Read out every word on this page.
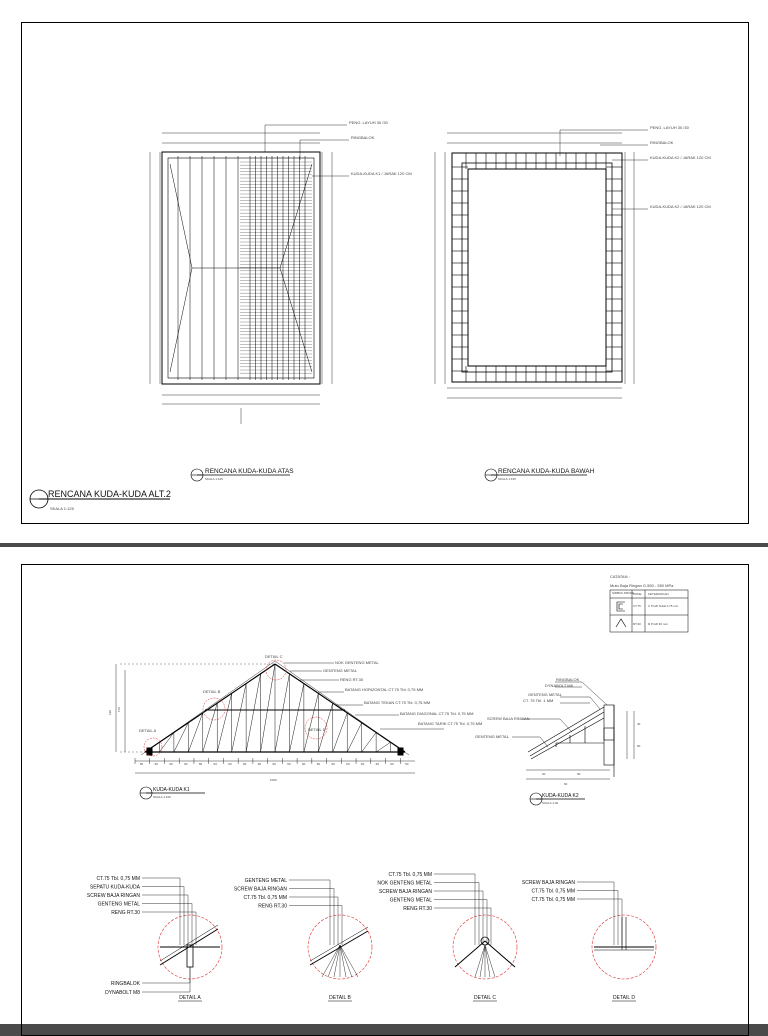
PENG. LAYUH 30 /30
RINGBALOK
KUDA-KUDA K1 / JARAK 120 CM
PENG. LAYUH 30 /30
RINGBALOK
KUDA-KUDA K2 / JARAK 120 CM
KUDA-KUDA K2 / JARAK 120 CM
RENCANA KUDA-KUDA ATAS
SKALA 1:125
RENCANA KUDA-KUDA BAWAH
SKALA 1:125
RENCANA KUDA-KUDA ALT.2
SKALA 1:125
CATATAN :
Mutu Baja Ringan G.550 - 550 MPa
SIMBOL PROFIL
KODE KETERANGAN
CT.75 C Profil Tebal 0,75 mm
RT.30 R Profil 30 mm
50	60	60	60	60	60	60	60	60	60	60	60	60	60	60	60	60	60	50
DETAIL C
DETAIL B
DETAIL A	DETAIL D
NOK GENTENG METAL
GENTENG METAL
RENG RT.30
BATANG HORIZONTAL CT.75 Tbl. 0,75 MM
BATANG TEKAN CT.75 Tbl. 0,75 MM
BATANG DIAGONAL CT.75 Tbl. 0,75 MM
BATANG TARIK CT.75 Tbl. 0,75 MM
190
170
1000
KUDA-KUDA K1
SKALA 1:100
RINGBALOK
DYNABOLT M8
GENTENG METAL
CT. 75 Tbl. 1 MM
SCREW BAJA RINGAN
GENTENG METAL
20	60
60
40
60
KUDA-KUDA K2
SKALA 1:40
CT.75 Tbl. 0,75 MM
SEPATU KUDA-KUDA
SCREW BAJA RINGAN
GENTENG METAL
RENG RT.30
RINGBALOK
DYNABOLT M8
DETAIL A
GENTENG METAL
SCREW BAJA RINGAN
CT.75 Tbl. 0,75 MM
RENG RT.30
DETAIL B
CT.75 Tbl. 0,75 MM
NOK GENTENG METAL
SCREW BAJA RINGAN
GENTENG METAL
RENG RT.30
DETAIL C
SCREW BAJA RINGAN
CT.75 Tbl. 0,75 MM
CT.75 Tbl. 0,75 MM
DETAIL D
